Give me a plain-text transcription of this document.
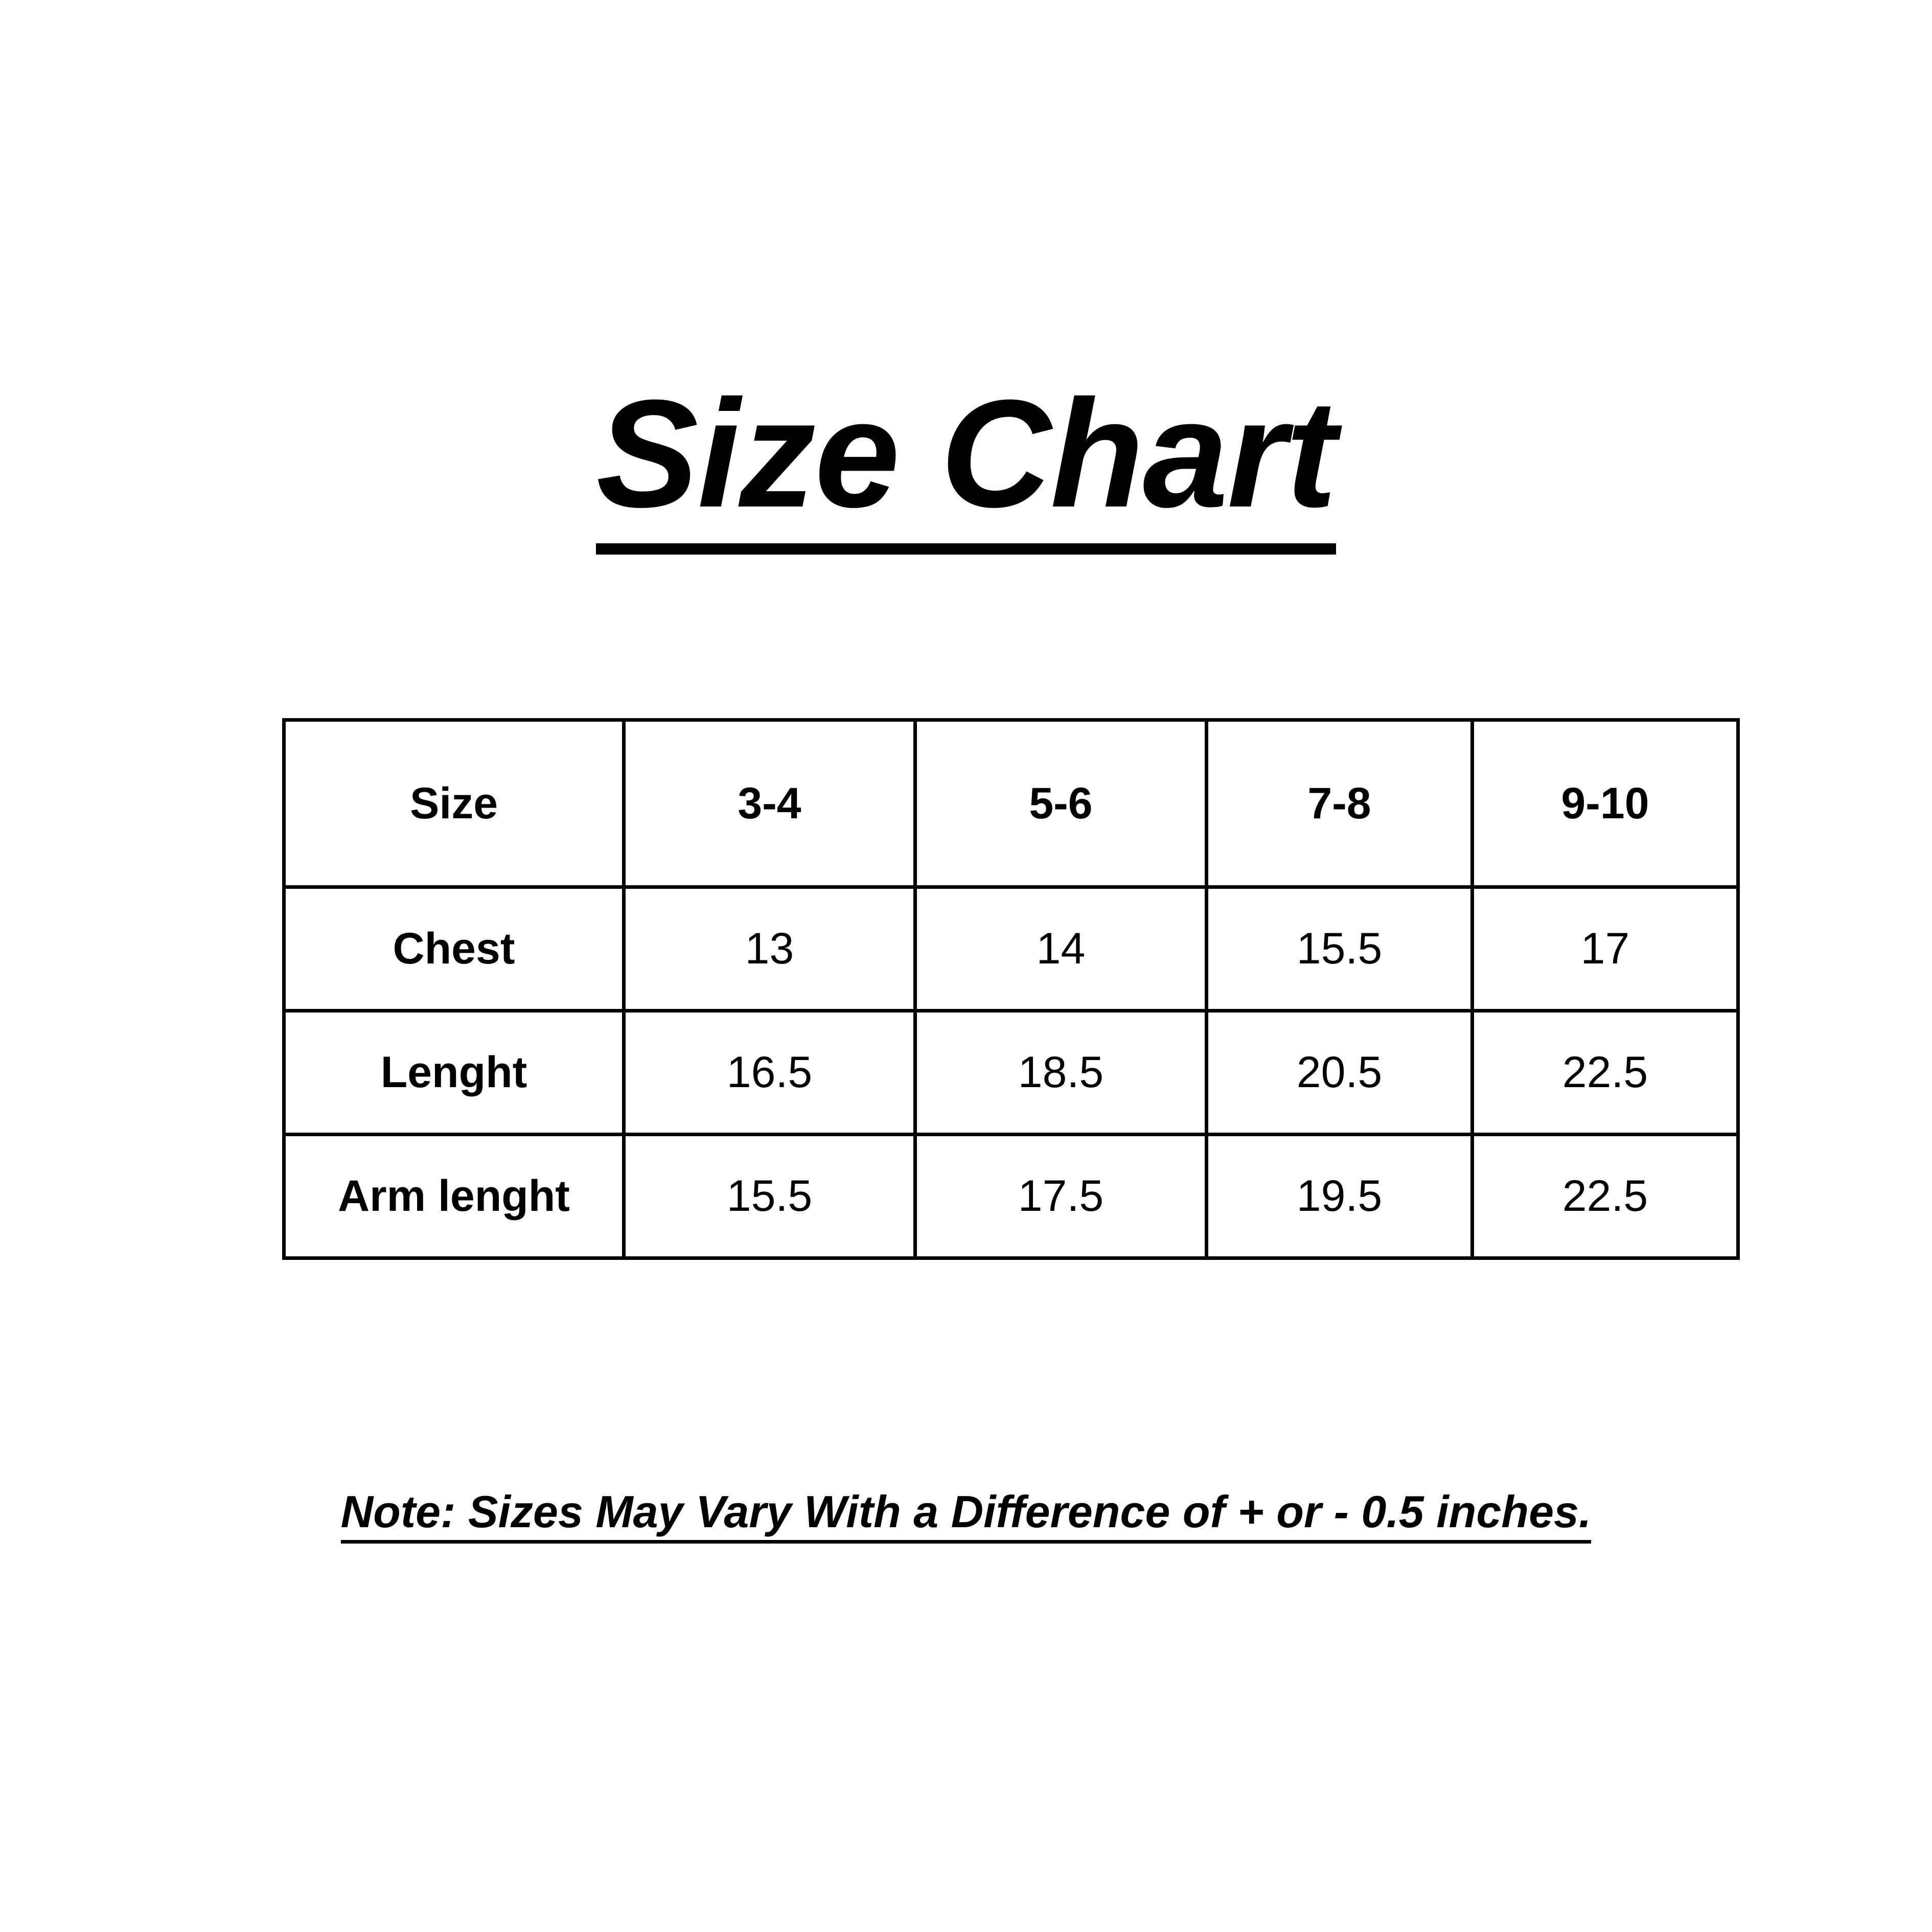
Size Chart
Size	3-4	5-6	7-8	9-10
Chest	13	14	15.5	17
Lenght	16.5	18.5	20.5	22.5
Arm lenght	15.5	17.5	19.5	22.5
Note: Sizes May Vary With a Difference of + or - 0.5 inches.
